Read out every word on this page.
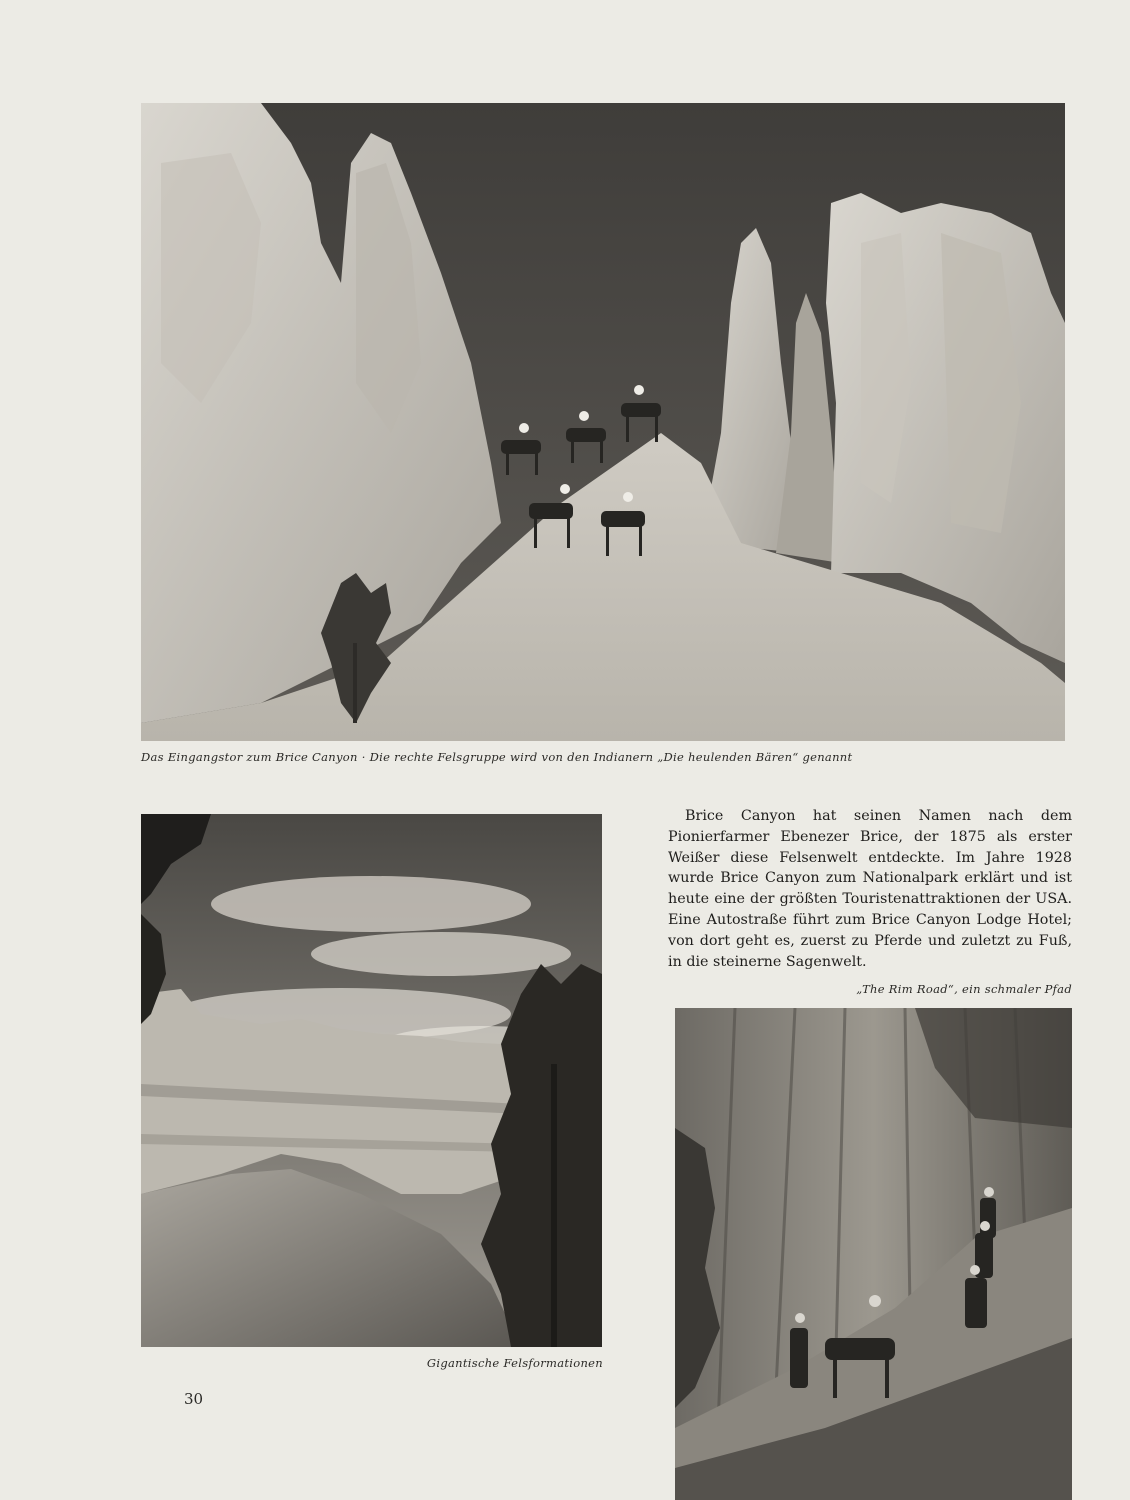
Das Eingangstor zum Brice Canyon · Die rechte Felsgruppe wird von den Indianern „Die heulenden Bären“ genannt
Gigantische Felsformationen

Brice Canyon hat seinen Namen nach dem Pionierfarmer Ebenezer Brice, der 1875 als erster Weißer diese Felsenwelt entdeckte. Im Jahre 1928 wurde Brice Canyon zum Nationalpark erklärt und ist heute eine der größten Touristenattraktionen der USA. Eine Autostraße führt zum Brice Canyon Lodge Hotel; von dort geht es, zuerst zu Pferde und zuletzt zu Fuß, in die steinerne Sagenwelt.

„The Rim Road“, ein schmaler Pfad
30
